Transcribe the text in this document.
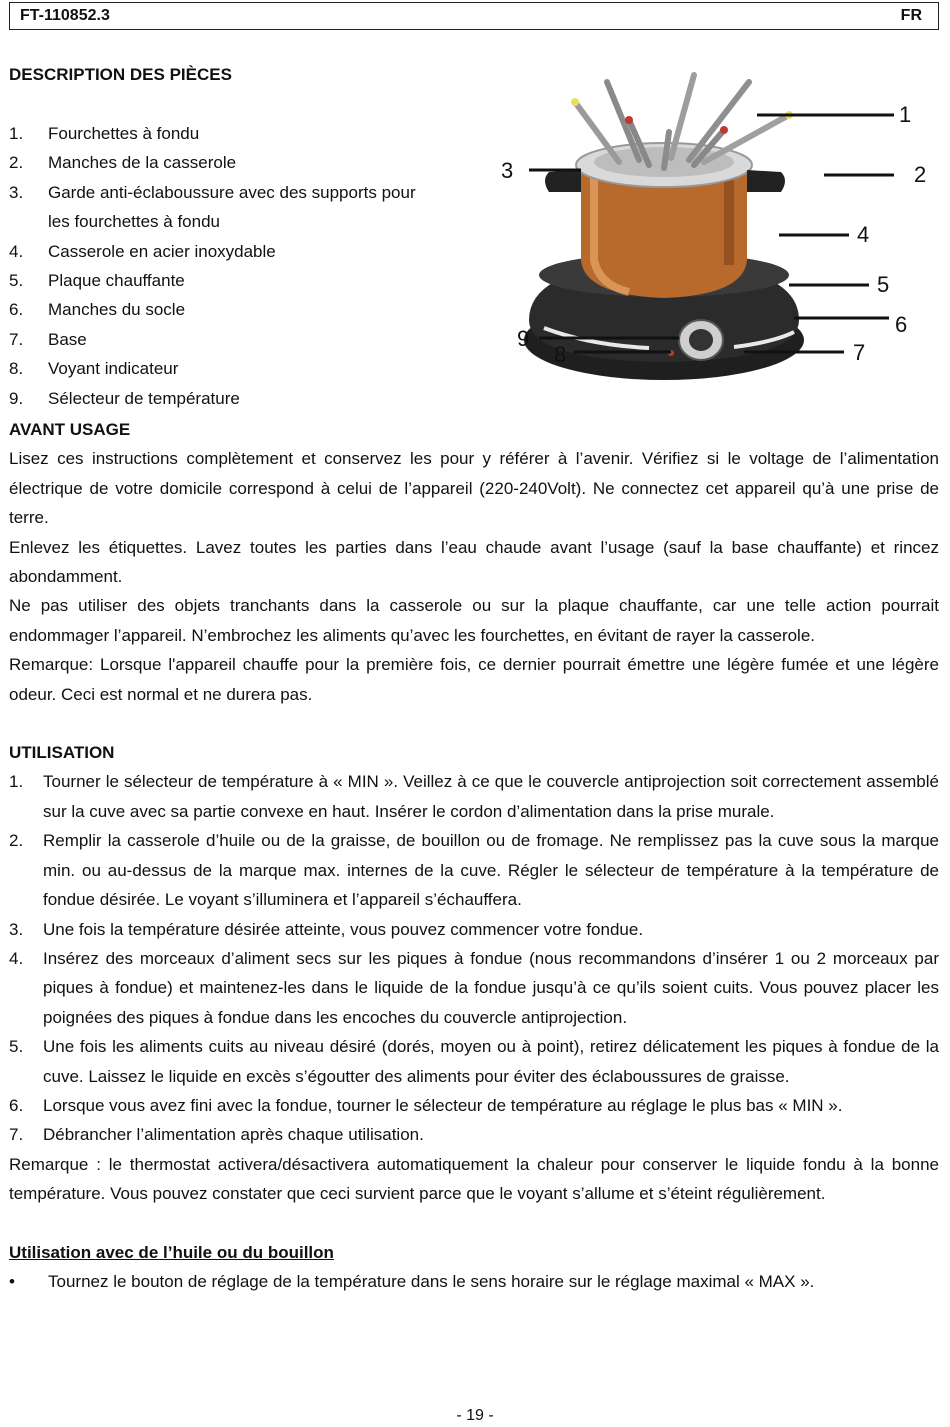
FT-110852.3	FR
DESCRIPTION DES PIÈCES
1.	Fourchettes à fondu
2.	Manches de la casserole
3.	Garde anti-éclaboussure avec des supports pour les fourchettes à fondu
4.	Casserole en acier inoxydable
5.	Plaque chauffante
6.	Manches du socle
7.	Base
8.	Voyant indicateur
9.	Sélecteur de température
1
2
3
4
5
6
7
8
9
AVANT USAGE

Lisez ces instructions complètement et conservez les pour y référer à l’avenir. Vérifiez si le voltage de l’alimentation électrique de votre domicile correspond à celui de l’appareil (220-240Volt). Ne connectez cet appareil qu’à une prise de terre.

Enlevez les étiquettes. Lavez toutes les parties dans l’eau chaude avant l’usage (sauf la base chauffante) et rincez abondamment.

Ne pas utiliser des objets tranchants dans la casserole ou sur la plaque chauffante, car une telle action pourrait endommager l’appareil. N’embrochez les aliments qu’avec les fourchettes, en évitant de rayer la casserole.

Remarque: Lorsque l'appareil chauffe pour la première fois, ce dernier pourrait émettre une légère fumée et une légère odeur. Ceci est normal et ne durera pas.

UTILISATION
1.	Tourner le sélecteur de température à « MIN ». Veillez à ce que le couvercle antiprojection soit correctement assemblé sur la cuve avec sa partie convexe en haut. Insérer le cordon d’alimentation dans la prise murale.
2.	Remplir la casserole d’huile ou de la graisse, de bouillon ou de fromage. Ne remplissez pas la cuve sous la marque min. ou au-dessus de la marque max. internes de la cuve. Régler le sélecteur de température à la température de fondue désirée. Le voyant s’illuminera et l’appareil s’échauffera.
3.	Une fois la température désirée atteinte, vous pouvez commencer votre fondue.
4.	Insérez des morceaux d’aliment secs sur les piques à fondue (nous recommandons d’insérer 1 ou 2 morceaux par piques à fondue) et maintenez-les dans le liquide de la fondue jusqu’à ce qu’ils soient cuits. Vous pouvez placer les poignées des piques à fondue dans les encoches du couvercle antiprojection.
5.	Une fois les aliments cuits au niveau désiré (dorés, moyen ou à point), retirez délicatement les piques à fondue de la cuve. Laissez le liquide en excès s’égoutter des aliments pour éviter des éclaboussures de graisse.
6.	Lorsque vous avez fini avec la fondue, tourner le sélecteur de température au réglage le plus bas « MIN ».
7.	Débrancher l’alimentation après chaque utilisation.

Remarque : le thermostat activera/désactivera automatiquement la chaleur pour conserver le liquide fondu à la bonne température. Vous pouvez constater que ceci survient parce que le voyant s’allume et s’éteint régulièrement.

Utilisation avec de l’huile ou du bouillon
•	Tournez le bouton de réglage de la température dans le sens horaire sur le réglage maximal « MAX ».
- 19 -
